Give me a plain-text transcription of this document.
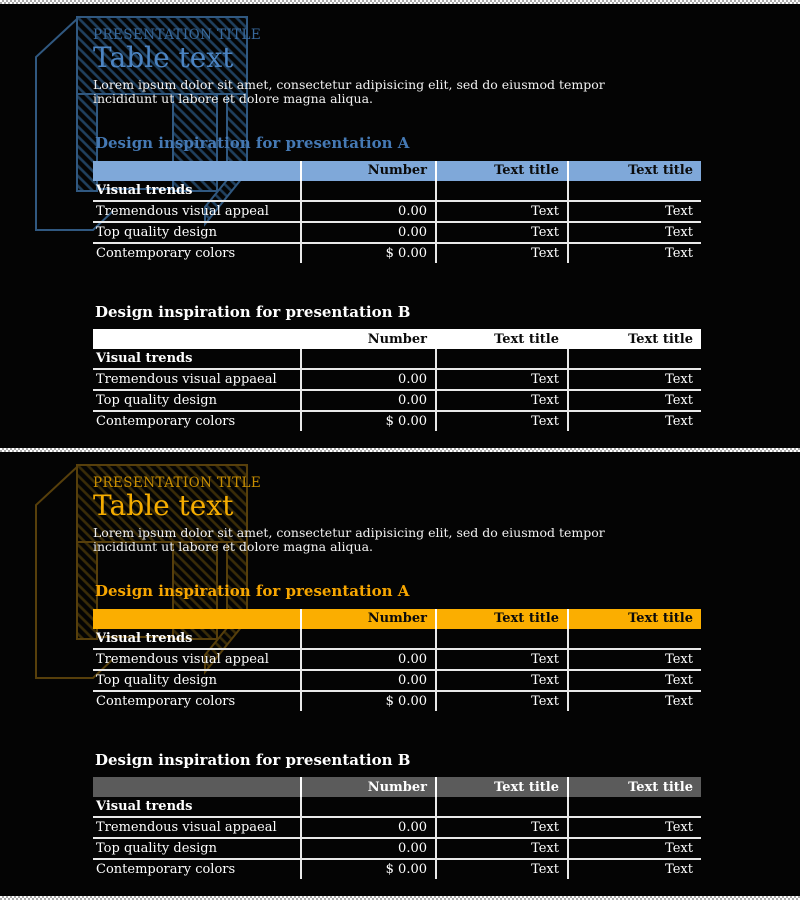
PRESENTATION TITLE

Table text

Lorem ipsum dolor sit amet, consectetur adipisicing elit, sed do eiusmod tempor incididunt ut labore et dolore magna aliqua.

Design inspiration for presentation A
	Number	Text title	Text title
Visual trends			
Tremendous visual appeal	0.00	Text	Text
Top quality design	0.00	Text	Text
Contemporary colors	$ 0.00	Text	Text
Design inspiration for presentation B
	Number	Text title	Text title
Visual trends			
Tremendous visual appaeal	0.00	Text	Text
Top quality design	0.00	Text	Text
Contemporary colors	$ 0.00	Text	Text

PRESENTATION TITLE

Table text

Lorem ipsum dolor sit amet, consectetur adipisicing elit, sed do eiusmod tempor incididunt ut labore et dolore magna aliqua.

Design inspiration for presentation A
	Number	Text title	Text title
Visual trends			
Tremendous visual appeal	0.00	Text	Text
Top quality design	0.00	Text	Text
Contemporary colors	$ 0.00	Text	Text
Design inspiration for presentation B
	Number	Text title	Text title
Visual trends			
Tremendous visual appaeal	0.00	Text	Text
Top quality design	0.00	Text	Text
Contemporary colors	$ 0.00	Text	Text
